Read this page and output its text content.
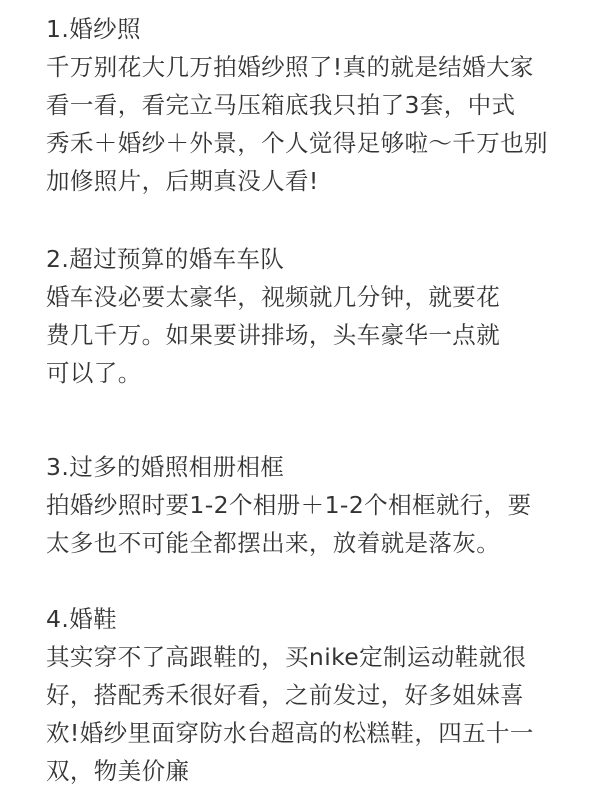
1.婚纱照

千万别花大几万拍婚纱照了!真的就是结婚大家

看一看，看完立马压箱底我只拍了3套，中式

秀禾＋婚纱＋外景，个人觉得足够啦～千万也别

加修照片，后期真没人看!

2.超过预算的婚车车队

婚车没必要太豪华，视频就几分钟，就要花

费几千万。如果要讲排场，头车豪华一点就

可以了。

3.过多的婚照相册相框

拍婚纱照时要1-2个相册＋1-2个相框就行，要

太多也不可能全都摆出来，放着就是落灰。

4.婚鞋

其实穿不了高跟鞋的，买nike定制运动鞋就很

好，搭配秀禾很好看，之前发过，好多姐妹喜

欢!婚纱里面穿防水台超高的松糕鞋，四五十一

双，物美价廉
